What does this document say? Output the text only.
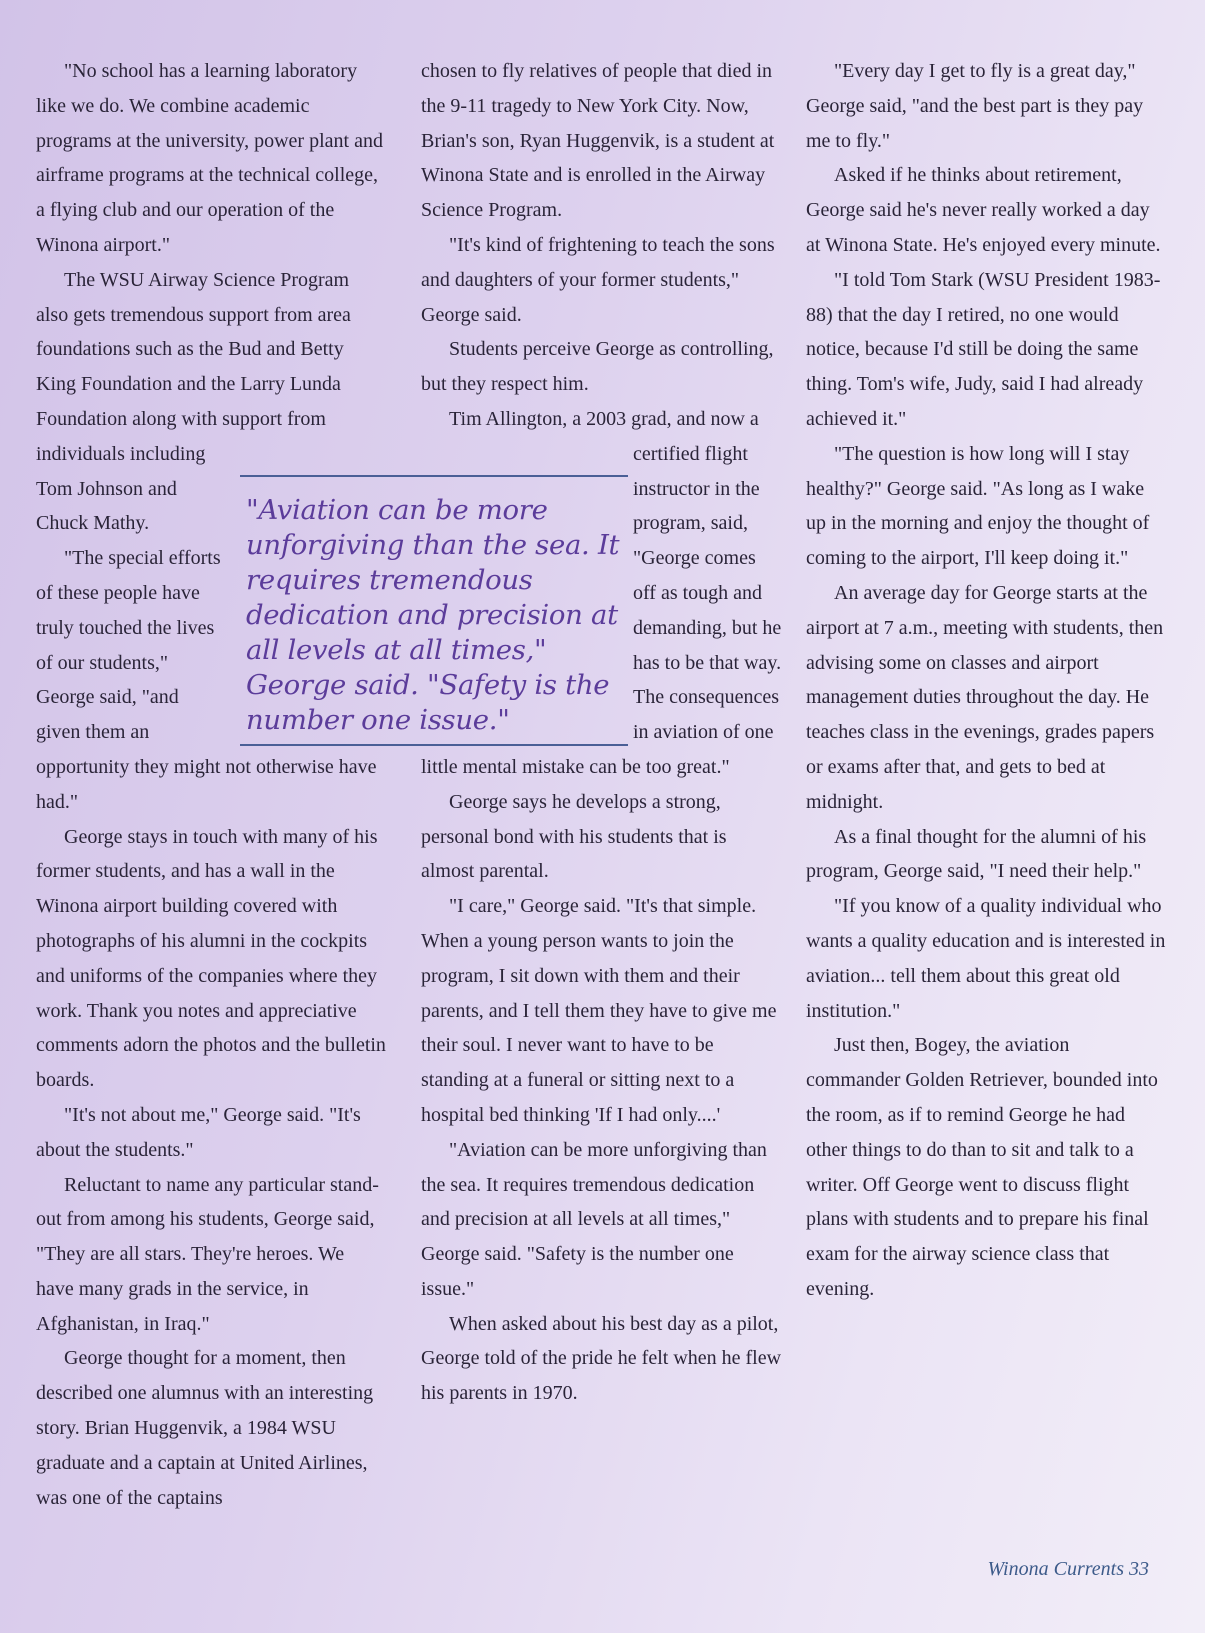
"No school has a learning laboratory like we do. We combine academic programs at the university, power plant and airframe programs at the technical college, a flying club and our operation of the Winona airport."

The WSU Airway Science Program also gets tremendous support from area foundations such as the Bud and Betty King Foundation and the Larry Lunda Foundation along with support from individuals including Tom Johnson and Chuck Mathy.

"The special efforts of these people have truly touched the lives of our students," George said, "and given them an opportunity they might not otherwise have had."

George stays in touch with many of his former students, and has a wall in the Winona airport building covered with photographs of his alumni in the cockpits and uniforms of the companies where they work. Thank you notes and appreciative comments adorn the photos and the bulletin boards.

"It's not about me," George said. "It's about the students."

Reluctant to name any particular stand-out from among his students, George said, "They are all stars. They're heroes. We have many grads in the service, in Afghanistan, in Iraq."

George thought for a moment, then described one alumnus with an interesting story. Brian Huggenvik, a 1984 WSU graduate and a captain at United Airlines, was one of the captains

chosen to fly relatives of people that died in the 9-11 tragedy to New York City. Now, Brian's son, Ryan Huggenvik, is a student at Winona State and is enrolled in the Airway Science Program.

"It's kind of frightening to teach the sons and daughters of your former students," George said.

Students perceive George as controlling, but they respect him.

Tim Allington, a 2003 grad, and now a certified flight instructor in the program, said, "George comes off as tough and demanding, but he has to be that way. The consequences in aviation of one little mental mistake can be too great."

George says he develops a strong, personal bond with his students that is almost parental.

"I care," George said. "It's that simple. When a young person wants to join the program, I sit down with them and their parents, and I tell them they have to give me their soul. I never want to have to be standing at a funeral or sitting next to a hospital bed thinking 'If I had only....'

"Aviation can be more unforgiving than the sea. It requires tremendous dedication and precision at all levels at all times," George said. "Safety is the number one issue."

When asked about his best day as a pilot, George told of the pride he felt when he flew his parents in 1970.

"Every day I get to fly is a great day," George said, "and the best part is they pay me to fly."

Asked if he thinks about retirement, George said he's never really worked a day at Winona State. He's enjoyed every minute.

"I told Tom Stark (WSU President 1983-88) that the day I retired, no one would notice, because I'd still be doing the same thing. Tom's wife, Judy, said I had already achieved it."

"The question is how long will I stay healthy?" George said. "As long as I wake up in the morning and enjoy the thought of coming to the airport, I'll keep doing it."

An average day for George starts at the airport at 7 a.m., meeting with students, then advising some on classes and airport management duties throughout the day. He teaches class in the evenings, grades papers or exams after that, and gets to bed at midnight.

As a final thought for the alumni of his program, George said, "I need their help."

"If you know of a quality individual who wants a quality education and is interested in aviation... tell them about this great old institution."

Just then, Bogey, the aviation commander Golden Retriever, bounded into the room, as if to remind George he had other things to do than to sit and talk to a writer. Off George went to discuss flight plans with students and to prepare his final exam for the airway science class that evening.

"Aviation can be more unforgiving than the sea. It requires tremendous dedication and precision at all levels at all times," George said. "Safety is the number one issue."

Winona Currents 33
